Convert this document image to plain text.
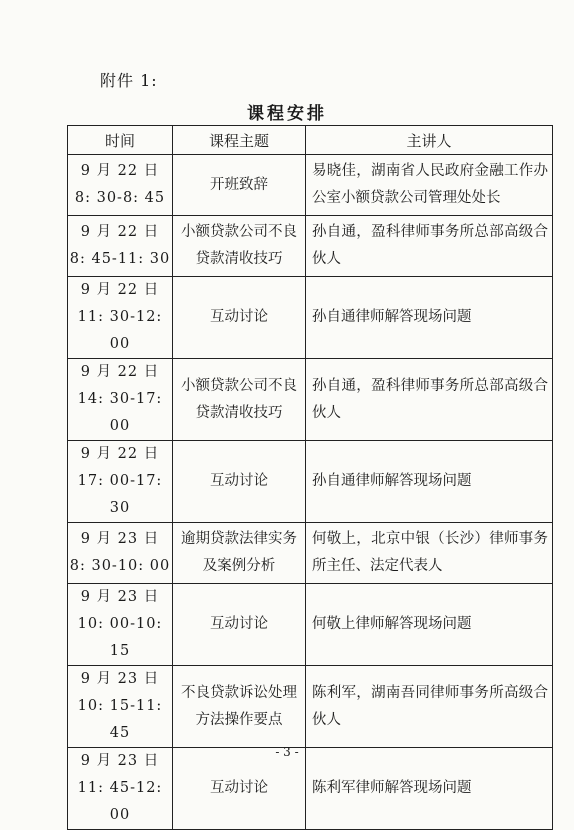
附件 1:
课程安排
时间	课程主题	主讲人

9 月 22 日
8: 30-8: 45	开班致辞	易晓佳，湖南省人民政府金融工作办公室小额贷款公司管理处处长

9 月 22 日
8: 45-11: 30	小额贷款公司不良
贷款清收技巧	孙自通，盈科律师事务所总部高级合伙人

9 月 22 日
11: 30-12: 00	互动讨论	孙自通律师解答现场问题

9 月 22 日
14: 30-17: 00	小额贷款公司不良
贷款清收技巧	孙自通，盈科律师事务所总部高级合伙人

9 月 22 日
17: 00-17: 30	互动讨论	孙自通律师解答现场问题

9 月 23 日
8: 30-10: 00	逾期贷款法律实务
及案例分析	何敬上，北京中银（长沙）律师事务所主任、法定代表人

9 月 23 日
10: 00-10: 15	互动讨论	何敬上律师解答现场问题

9 月 23 日
10: 15-11: 45	不良贷款诉讼处理
方法操作要点	陈利军，湖南吾同律师事务所高级合伙人

9 月 23 日
11: 45-12: 00	互动讨论	陈利军律师解答现场问题
- 3 -
